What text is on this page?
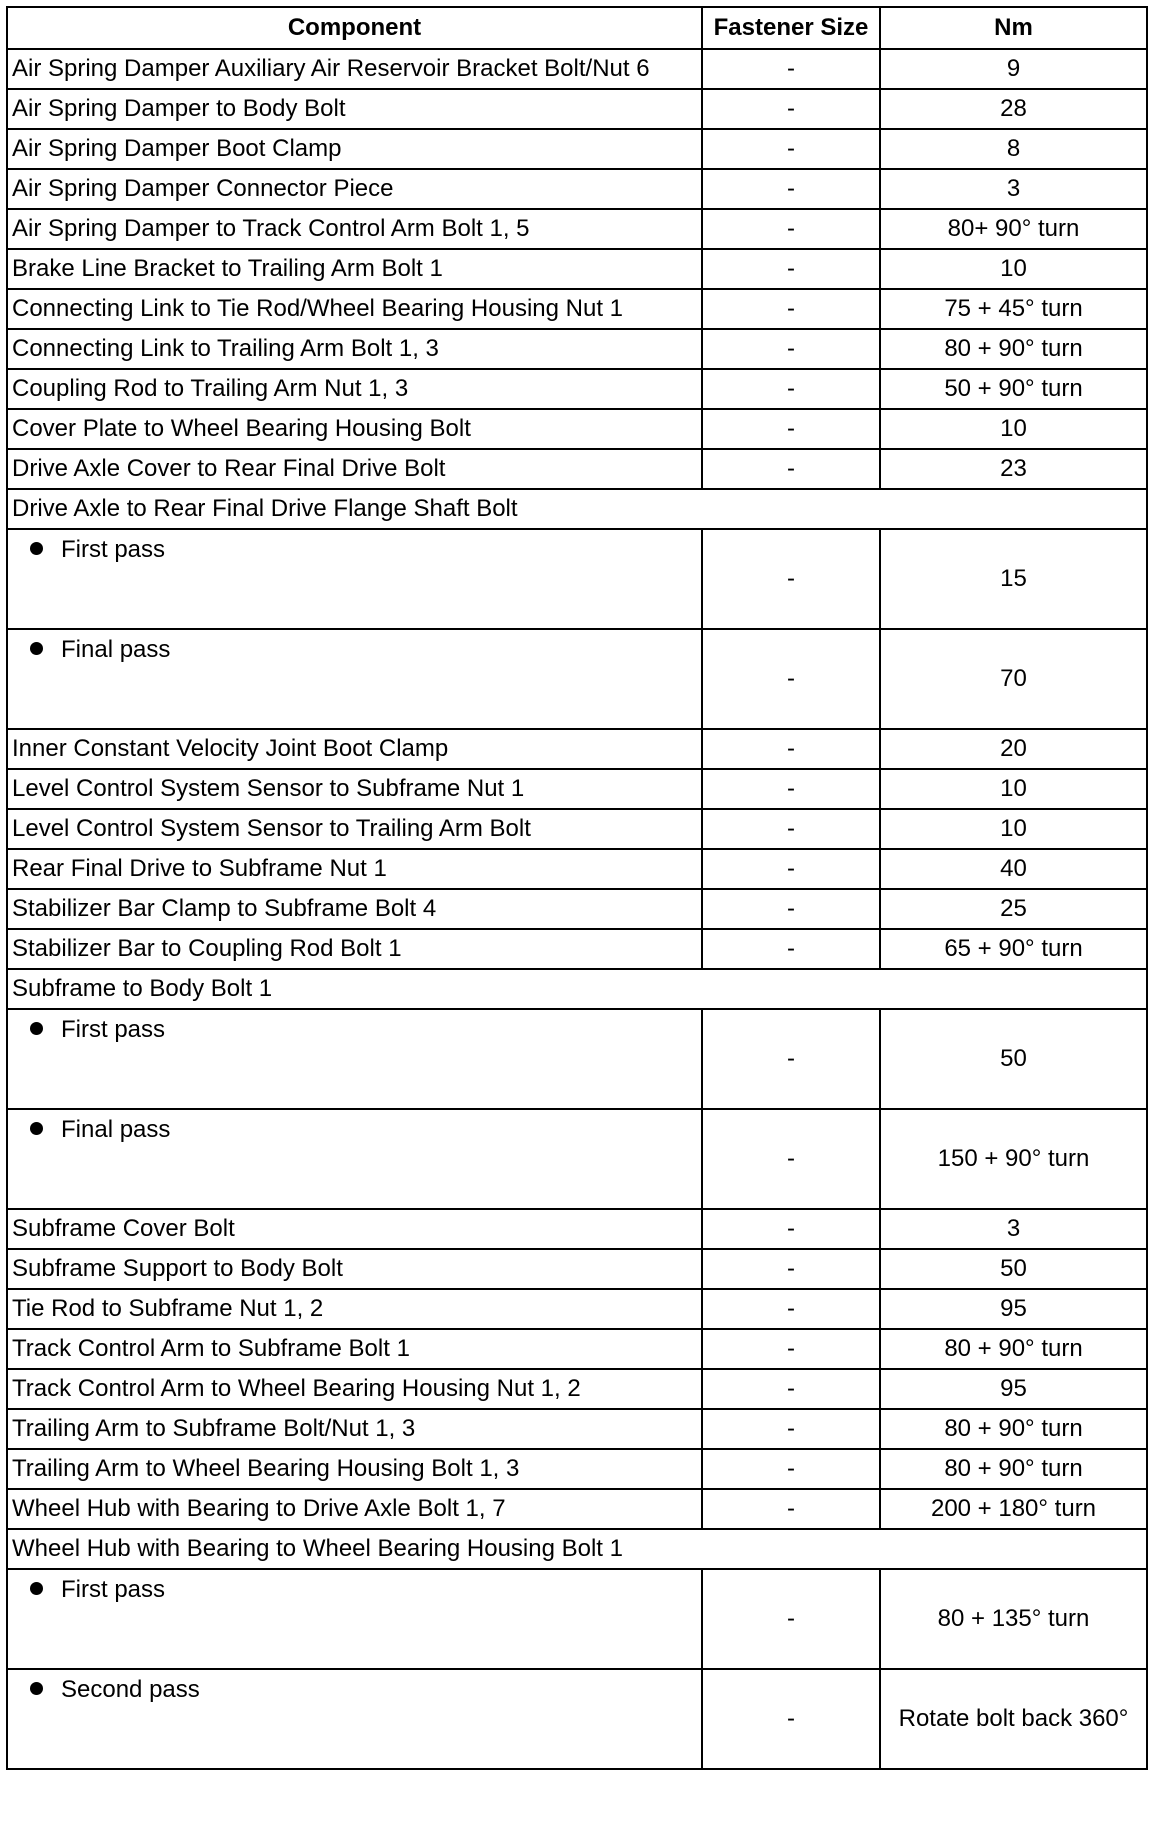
Component	Fastener Size	Nm
Air Spring Damper Auxiliary Air Reservoir Bracket Bolt/Nut 6	-	9
Air Spring Damper to Body Bolt	-	28
Air Spring Damper Boot Clamp	-	8
Air Spring Damper Connector Piece	-	3
Air Spring Damper to Track Control Arm Bolt 1, 5	-	80+ 90° turn
Brake Line Bracket to Trailing Arm Bolt 1	-	10
Connecting Link to Tie Rod/Wheel Bearing Housing Nut 1	-	75 + 45° turn
Connecting Link to Trailing Arm Bolt 1, 3	-	80 + 90° turn
Coupling Rod to Trailing Arm Nut 1, 3	-	50 + 90° turn
Cover Plate to Wheel Bearing Housing Bolt	-	10
Drive Axle Cover to Rear Final Drive Bolt	-	23
Drive Axle to Rear Final Drive Flange Shaft Bolt		
First pass	-	15
Final pass	-	70
Inner Constant Velocity Joint Boot Clamp	-	20
Level Control System Sensor to Subframe Nut 1	-	10
Level Control System Sensor to Trailing Arm Bolt	-	10
Rear Final Drive to Subframe Nut 1	-	40
Stabilizer Bar Clamp to Subframe Bolt 4	-	25
Stabilizer Bar to Coupling Rod Bolt 1	-	65 + 90° turn
Subframe to Body Bolt 1		
First pass	-	50
Final pass	-	150 + 90° turn
Subframe Cover Bolt	-	3
Subframe Support to Body Bolt	-	50
Tie Rod to Subframe Nut 1, 2	-	95
Track Control Arm to Subframe Bolt 1	-	80 + 90° turn
Track Control Arm to Wheel Bearing Housing Nut 1, 2	-	95
Trailing Arm to Subframe Bolt/Nut 1, 3	-	80 + 90° turn
Trailing Arm to Wheel Bearing Housing Bolt 1, 3	-	80 + 90° turn
Wheel Hub with Bearing to Drive Axle Bolt 1, 7	-	200 + 180° turn
Wheel Hub with Bearing to Wheel Bearing Housing Bolt 1		
First pass	-	80 + 135° turn
Second pass	-	Rotate bolt back 360°
